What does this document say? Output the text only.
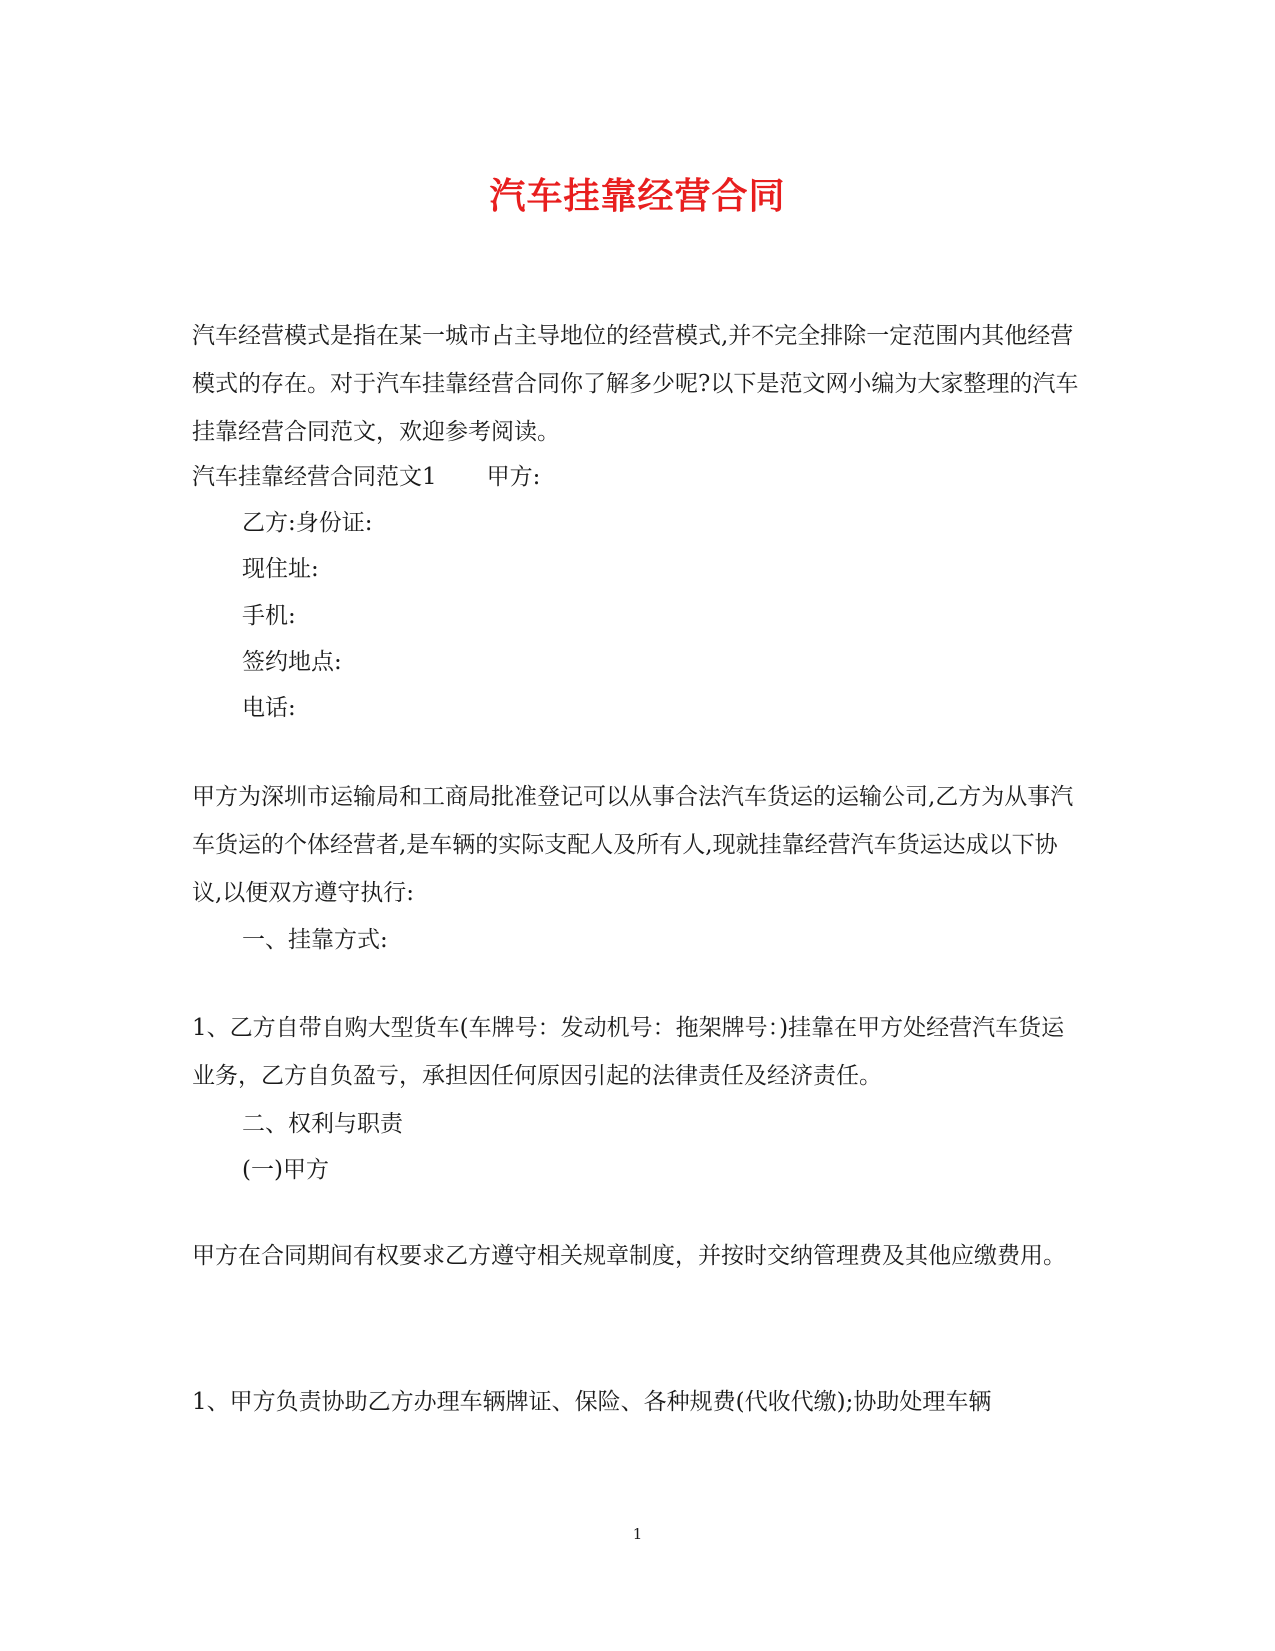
汽车挂靠经营合同
汽车经营模式是指在某一城市占主导地位的经营模式,并不完全排除一定范围内其他经营模式的存在。对于汽车挂靠经营合同你了解多少呢?以下是范文网小编为大家整理的汽车挂靠经营合同范文，欢迎参考阅读。
汽车挂靠经营合同范文1 甲方:
乙方:身份证:
现住址:
手机:
签约地点:
电话:
甲方为深圳市运输局和工商局批准登记可以从事合法汽车货运的运输公司,乙方为从事汽车货运的个体经营者,是车辆的实际支配人及所有人,现就挂靠经营汽车货运达成以下协议,以便双方遵守执行:
一、挂靠方式:
1、乙方自带自购大型货车(车牌号：发动机号：拖架牌号：)挂靠在甲方处经营汽车货运业务，乙方自负盈亏，承担因任何原因引起的法律责任及经济责任。
二、权利与职责
(一)甲方
甲方在合同期间有权要求乙方遵守相关规章制度，并按时交纳管理费及其他应缴费用。
1、甲方负责协助乙方办理车辆牌证、保险、各种规费(代收代缴);协助处理车辆
1
